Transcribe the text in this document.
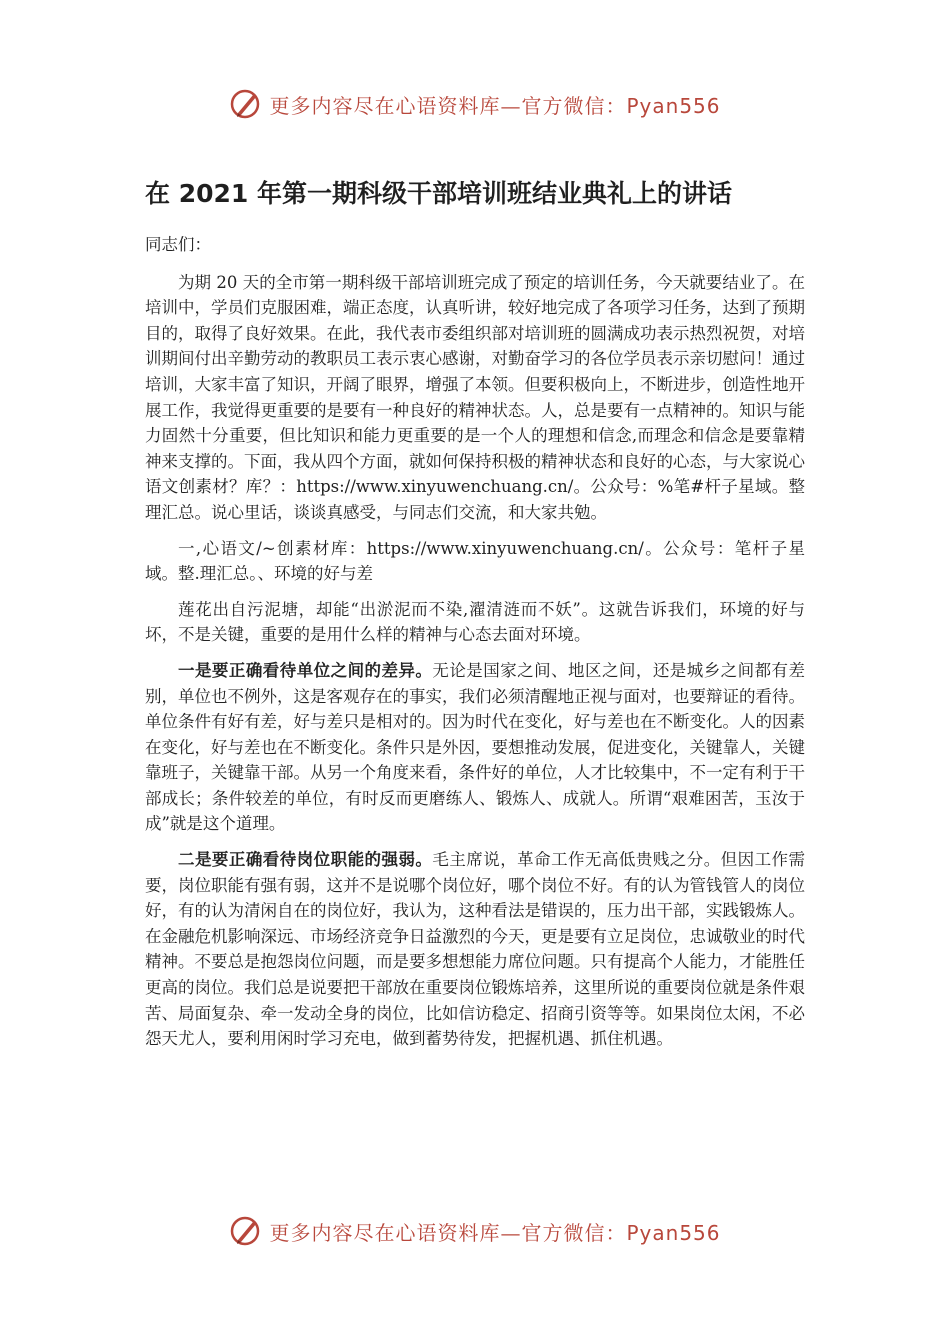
更多内容尽在心语资料库—官方微信：Pyan556
在 2021 年第一期科级干部培训班结业典礼上的讲话

同志们：

为期 20 天的全市第一期科级干部培训班完成了预定的培训任务，今天就要结业了。在培训中，学员们克服困难，端正态度，认真听讲，较好地完成了各项学习任务，达到了预期目的，取得了良好效果。在此，我代表市委组织部对培训班的圆满成功表示热烈祝贺，对培训期间付出辛勤劳动的教职员工表示衷心感谢，对勤奋学习的各位学员表示亲切慰问！通过培训，大家丰富了知识，开阔了眼界，增强了本领。但要积极向上，不断进步，创造性地开展工作，我觉得更重要的是要有一种良好的精神状态。人，总是要有一点精神的。知识与能力固然十分重要，但比知识和能力更重要的是一个人的理想和信念,而理念和信念是要靠精神来支撑的。下面，我从四个方面，就如何保持积极的精神状态和良好的心态，与大家说心语文创素材？库？：https://www.xinyuwenchuang.cn/。公众号：%笔#杆子星域。整理汇总。说心里话，谈谈真感受，与同志们交流，和大家共勉。

一,心语文/~创素材库：https://www.xinyuwenchuang.cn/。公众号：笔杆子星域。整.理汇总。、环境的好与差

莲花出自污泥塘，却能“出淤泥而不染,濯清涟而不妖”。这就告诉我们，环境的好与坏，不是关键，重要的是用什么样的精神与心态去面对环境。

一是要正确看待单位之间的差异。无论是国家之间、地区之间，还是城乡之间都有差别，单位也不例外，这是客观存在的事实，我们必须清醒地正视与面对，也要辩证的看待。单位条件有好有差，好与差只是相对的。因为时代在变化，好与差也在不断变化。人的因素在变化，好与差也在不断变化。条件只是外因，要想推动发展，促进变化，关键靠人，关键靠班子，关键靠干部。从另一个角度来看，条件好的单位，人才比较集中，不一定有利于干部成长；条件较差的单位，有时反而更磨练人、锻炼人、成就人。所谓“艰难困苦，玉汝于成”就是这个道理。

二是要正确看待岗位职能的强弱。毛主席说，革命工作无高低贵贱之分。但因工作需要，岗位职能有强有弱，这并不是说哪个岗位好，哪个岗位不好。有的认为管钱管人的岗位好，有的认为清闲自在的岗位好，我认为，这种看法是错误的，压力出干部，实践锻炼人。在金融危机影响深远、市场经济竞争日益激烈的今天，更是要有立足岗位，忠诚敬业的时代精神。不要总是抱怨岗位问题，而是要多想想能力席位问题。只有提高个人能力，才能胜任更高的岗位。我们总是说要把干部放在重要岗位锻炼培养，这里所说的重要岗位就是条件艰苦、局面复杂、牵一发动全身的岗位，比如信访稳定、招商引资等等。如果岗位太闲，不必怨天尤人，要利用闲时学习充电，做到蓄势待发，把握机遇、抓住机遇。

更多内容尽在心语资料库—官方微信：Pyan556
